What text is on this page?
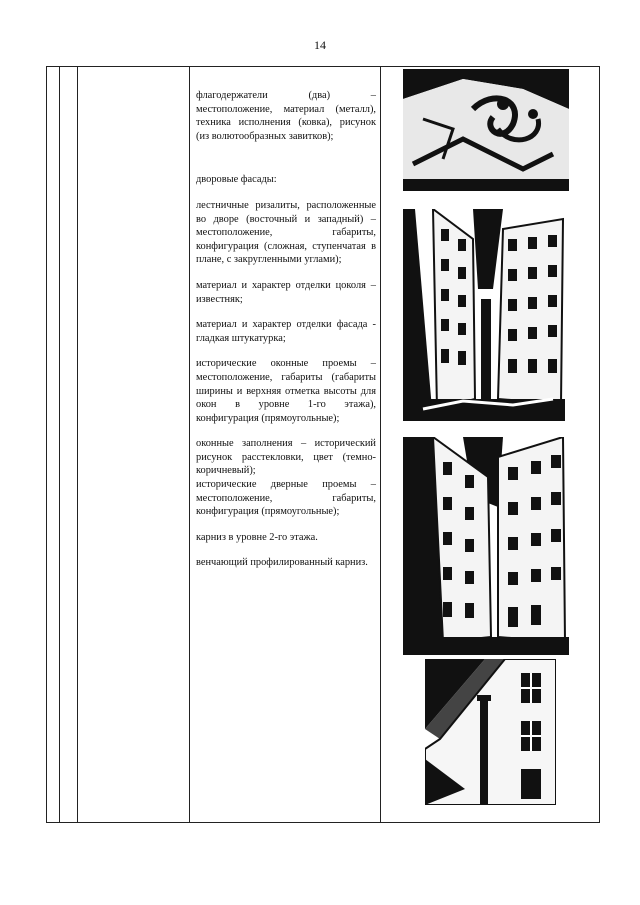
14

флагодержатели (два) – местоположение, материал (металл), техника исполнения (ковка), рисунок (из волютообразных завитков);

дворовые фасады:

лестничные ризалиты, расположенные во дворе (восточный и западный) – местоположение, габариты, конфигурация (сложная, ступенчатая в плане, с закругленными углами);

материал и характер отделки цоколя – известняк;

материал и характер отделки фасада - гладкая штукатурка;

исторические оконные проемы – местоположение, габариты (габариты ширины и верхняя отметка высоты для окон в уровне 1-го этажа), конфигурация (прямоугольные);

оконные заполнения – исторический рисунок расстекловки, цвет (темно-коричневый);

исторические дверные проемы – местоположение, габариты, конфигурация (прямоугольные);

карниз в уровне 2-го этажа.

венчающий профилированный карниз.
